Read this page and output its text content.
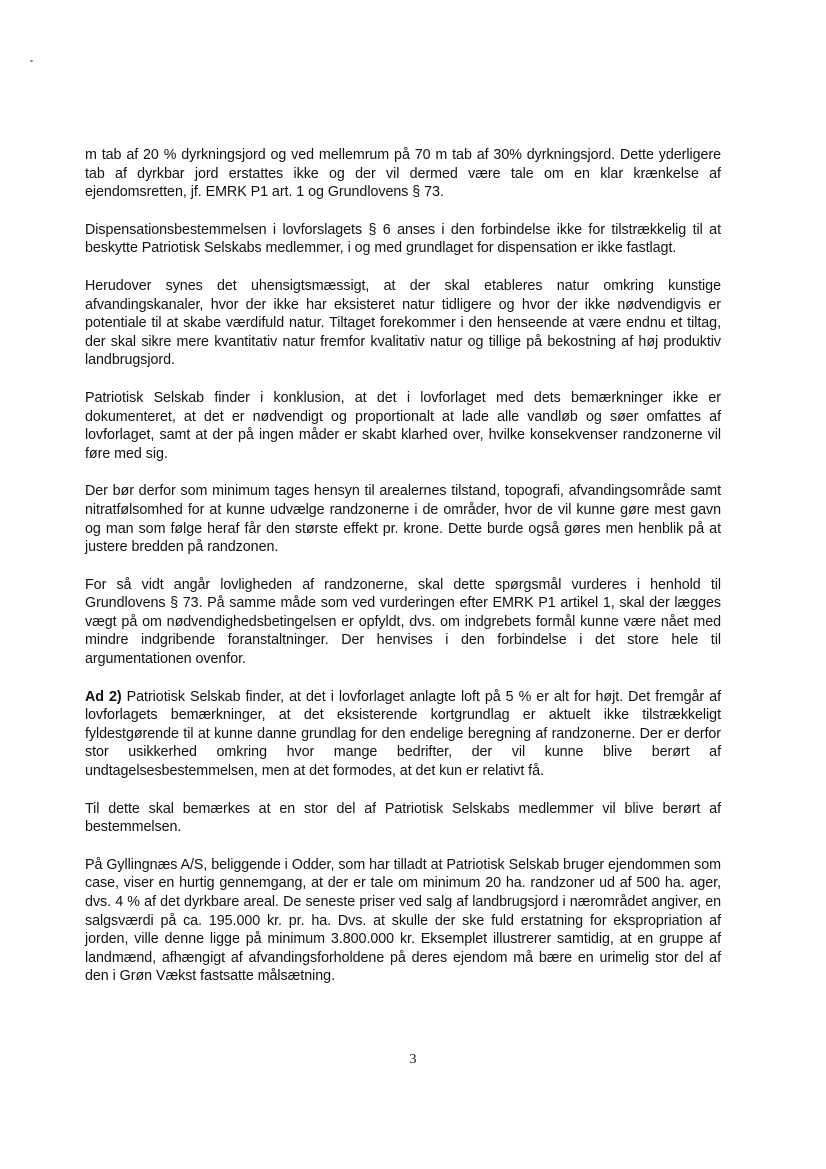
m tab af 20 % dyrkningsjord og ved mellemrum på 70 m tab af 30% dyrkningsjord. Dette yderligere tab af dyrkbar jord erstattes ikke og der vil dermed være tale om en klar krænkelse af ejendomsretten, jf. EMRK P1 art. 1 og Grundlovens § 73.

Dispensationsbestemmelsen i lovforslagets § 6 anses i den forbindelse ikke for tilstrækkelig til at beskytte Patriotisk Selskabs medlemmer, i og med grundlaget for dispensation er ikke fastlagt.

Herudover synes det uhensigtsmæssigt, at der skal etableres natur omkring kunstige afvandingskanaler, hvor der ikke har eksisteret natur tidligere og hvor der ikke nødvendigvis er potentiale til at skabe værdifuld natur. Tiltaget forekommer i den henseende at være endnu et tiltag, der skal sikre mere kvantitativ natur fremfor kvalitativ natur og tillige på bekostning af høj produktiv landbrugsjord.

Patriotisk Selskab finder i konklusion, at det i lovforlaget med dets bemærkninger ikke er dokumenteret, at det er nødvendigt og proportionalt at lade alle vandløb og søer omfattes af lovforlaget, samt at der på ingen måder er skabt klarhed over, hvilke konsekvenser randzonerne vil føre med sig.

Der bør derfor som minimum tages hensyn til arealernes tilstand, topografi, afvandingsområde samt nitratfølsomhed for at kunne udvælge randzonerne i de områder, hvor de vil kunne gøre mest gavn og man som følge heraf får den største effekt pr. krone. Dette burde også gøres men henblik på at justere bredden på randzonen.

For så vidt angår lovligheden af randzonerne, skal dette spørgsmål vurderes i henhold til Grundlovens § 73. På samme måde som ved vurderingen efter EMRK P1 artikel 1, skal der lægges vægt på om nødvendighedsbetingelsen er opfyldt, dvs. om indgrebets formål kunne være nået med mindre indgribende foranstaltninger. Der henvises i den forbindelse i det store hele til argumentationen ovenfor.

Ad 2) Patriotisk Selskab finder, at det i lovforlaget anlagte loft på 5 % er alt for højt. Det fremgår af lovforlagets bemærkninger, at det eksisterende kortgrundlag er aktuelt ikke tilstrækkeligt fyldestgørende til at kunne danne grundlag for den endelige beregning af randzonerne. Der er derfor stor usikkerhed omkring hvor mange bedrifter, der vil kunne blive berørt af undtagelsesbestemmelsen, men at det formodes, at det kun er relativt få.

Til dette skal bemærkes at en stor del af Patriotisk Selskabs medlemmer vil blive berørt af bestemmelsen.

På Gyllingnæs A/S, beliggende i Odder, som har tilladt at Patriotisk Selskab bruger ejendommen som case, viser en hurtig gennemgang, at der er tale om minimum 20 ha. randzoner ud af 500 ha. ager, dvs. 4 % af det dyrkbare areal. De seneste priser ved salg af landbrugsjord i nærområdet angiver, en salgsværdi på ca. 195.000 kr. pr. ha. Dvs. at skulle der ske fuld erstatning for ekspropriation af jorden, ville denne ligge på minimum 3.800.000 kr. Eksemplet illustrerer samtidig, at en gruppe af landmænd, afhængigt af afvandingsforholdene på deres ejendom må bære en urimelig stor del af den i Grøn Vækst fastsatte målsætning.

3
